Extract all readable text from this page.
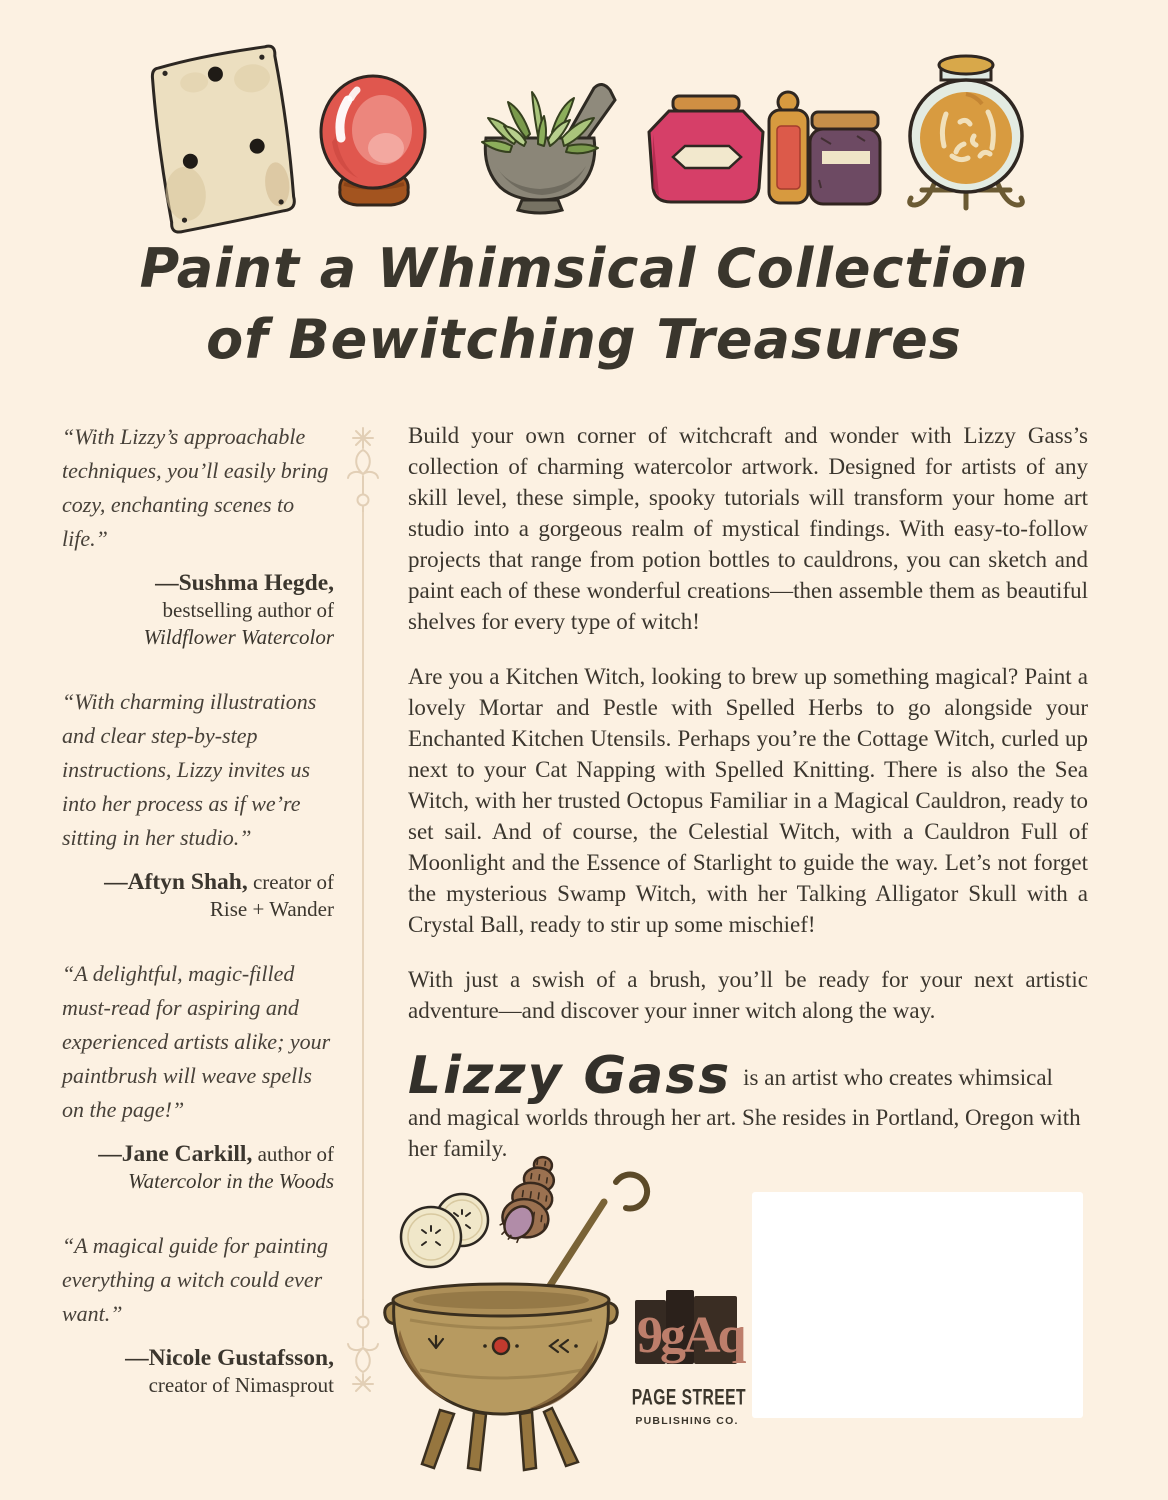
Paint a Whimsical Collection
of Bewitching Treasures

“With Lizzy’s approachable techniques, you’ll easily bring cozy, enchanting scenes to life.”

—Sushma Hegde,
bestselling author of
Wildflower Watercolor

“With charming illustrations and clear step-by-step instructions, Lizzy invites us into her process as if we’re sitting in her studio.”

—Aftyn Shah, creator of
Rise + Wander

“A delightful, magic-filled must-read for aspiring and experienced artists alike; your paintbrush will weave spells on the page!”

—Jane Carkill, author of
Watercolor in the Woods

“A magical guide for painting everything a witch could ever want.”

—Nicole Gustafsson,
creator of Nimasprout

Build your own corner of witchcraft and wonder with Lizzy Gass’s collection of charming watercolor artwork. Designed for artists of any skill level, these simple, spooky tutorials will transform your home art studio into a gorgeous realm of mystical findings. With easy-to-follow projects that range from potion bottles to cauldrons, you can sketch and paint each of these wonderful creations—then assemble them as beautiful shelves for every type of witch!

Are you a Kitchen Witch, looking to brew up something magical? Paint a lovely Mortar and Pestle with Spelled Herbs to go alongside your Enchanted Kitchen Utensils. Perhaps you’re the Cottage Witch, curled up next to your Cat Napping with Spelled Knitting. There is also the Sea Witch, with her trusted Octopus Familiar in a Magical Cauldron, ready to set sail. And of course, the Celestial Witch, with a Cauldron Full of Moonlight and the Essence of Starlight to guide the way. Let’s not forget the mysterious Swamp Witch, with her Talking Alligator Skull with a Crystal Ball, ready to stir up some mischief!

With just a swish of a brush, you’ll be ready for your next artistic adventure—and discover your inner witch along the way.

Lizzy Gass is an artist who creates whimsical and magical worlds through her art. She resides in Portland, Oregon with her family.
9gAq
PAGE STREET
PUBLISHING CO.
